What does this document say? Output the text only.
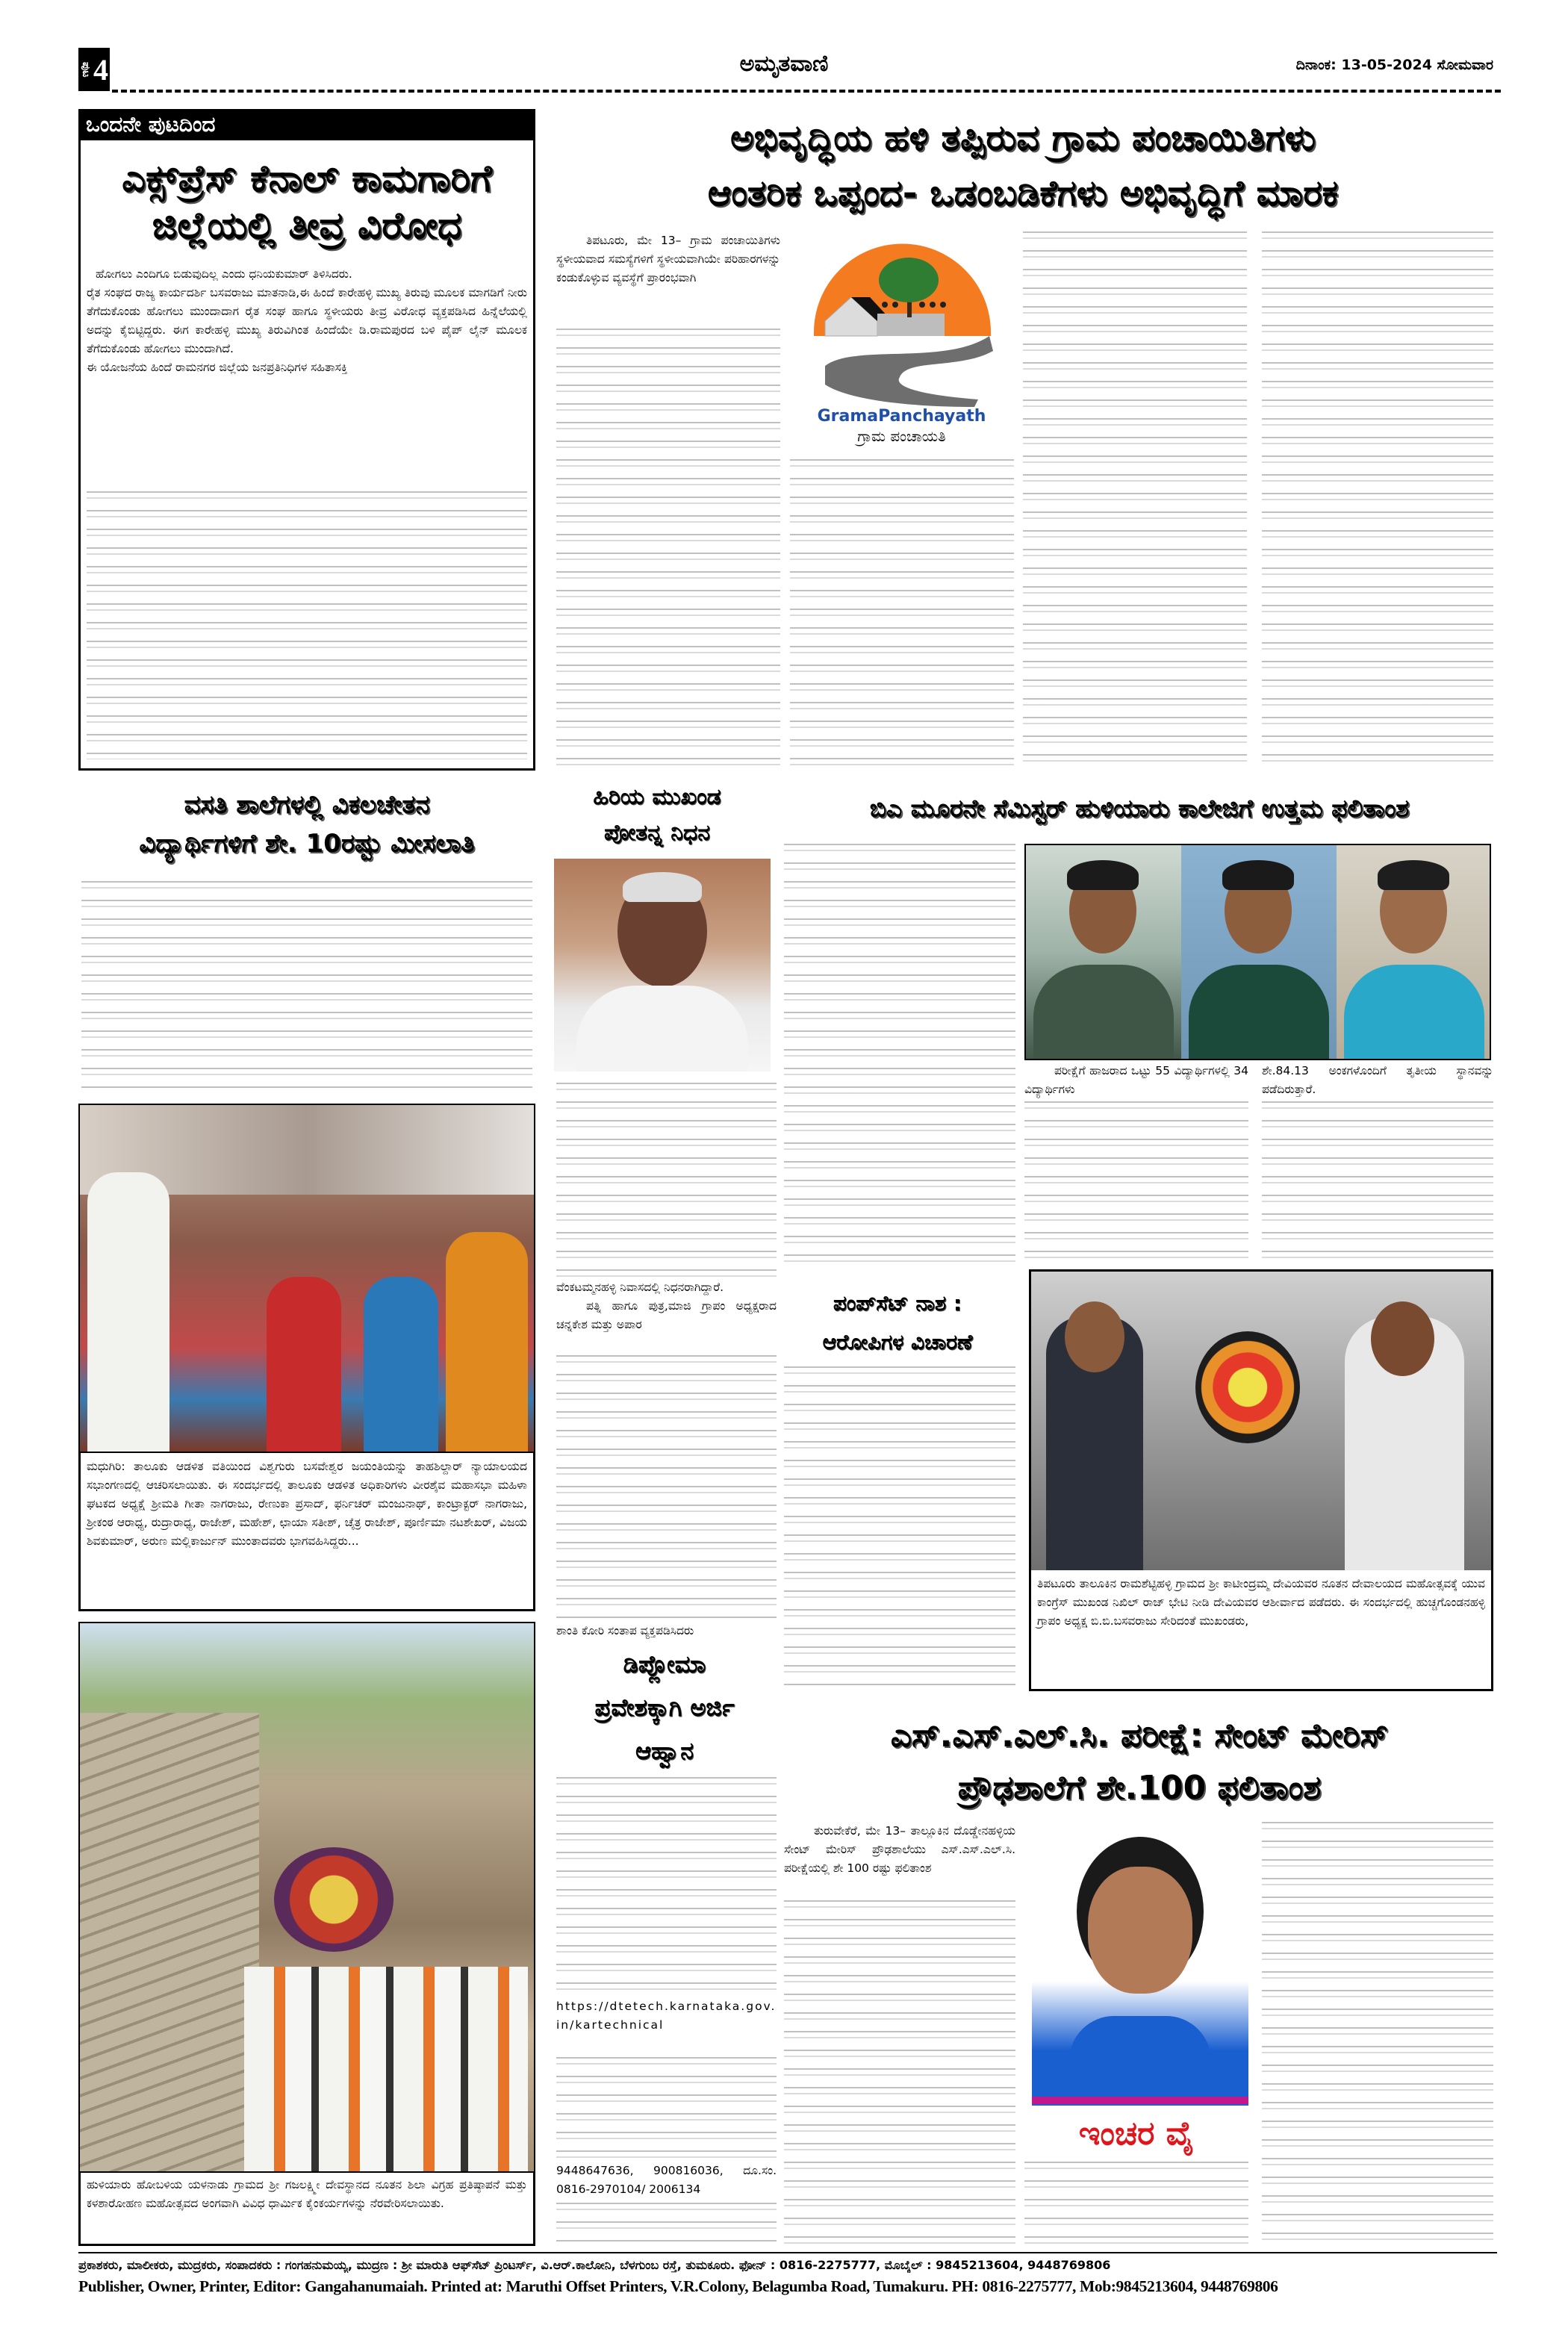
ಪುಟ 4	ಅಮೃತವಾಣಿ	ದಿನಾಂಕ: 13-05-2024 ಸೋಮವಾರ
ಒಂದನೇ ಪುಟದಿಂದ
ಎಕ್ಸ್‌ಪ್ರೆಸ್ ಕೆನಾಲ್ ಕಾಮಗಾರಿಗೆ
ಜಿಲ್ಲೆಯಲ್ಲಿ ತೀವ್ರ ವಿರೋಧ

ಹೋಗಲು ಎಂದಿಗೂ ಬಿಡುವುದಿಲ್ಲ ಎಂದು ಧನಿಯಕುಮಾರ್ ತಿಳಿಸಿದರು.

ರೈತ ಸಂಘದ ರಾಜ್ಯ ಕಾರ್ಯದರ್ಶಿ ಬಸವರಾಜು ಮಾತನಾಡಿ,ಈ ಹಿಂದೆ ಕಾರೇಹಳ್ಳಿ ಮುಖ್ಯ ತಿರುವು ಮೂಲಕ ಮಾಗಡಿಗೆ ನೀರು ತೆಗೆದುಕೊಂಡು ಹೋಗಲು ಮುಂದಾದಾಗ ರೈತ ಸಂಘ ಹಾಗೂ ಸ್ಥಳೀಯರು ತೀವ್ರ ವಿರೋಧ ವ್ಯಕ್ತಪಡಿಸಿದ ಹಿನ್ನೆಲೆಯಲ್ಲಿ ಅದನ್ನು ಕೈಬಿಟ್ಟಿದ್ದರು. ಈಗ ಕಾರೇಹಳ್ಳಿ ಮುಖ್ಯ ತಿರುವಿಗಿಂತ ಹಿಂದೆಯೇ ಡಿ.ರಾಮಪುರದ ಬಳಿ ಪೈಪ್ ಲೈನ್ ಮೂಲಕ ತೆಗೆದುಕೊಂಡು ಹೋಗಲು ಮುಂದಾಗಿದೆ.

ಈ ಯೋಜನೆಯ ಹಿಂದೆ ರಾಮನಗರ ಜಿಲ್ಲೆಯ ಜನಪ್ರತಿನಿಧಿಗಳ ಸಹಿತಾಸಕ್ತಿ

ಅಭಿವೃದ್ಧಿಯ ಹಳಿ ತಪ್ಪಿರುವ ಗ್ರಾಮ ಪಂಚಾಯಿತಿಗಳು
ಆಂತರಿಕ ಒಪ್ಪಂದ- ಒಡಂಬಡಿಕೆಗಳು ಅಭಿವೃದ್ಧಿಗೆ ಮಾರಕ
ತಿಪಟೂರು, ಮೇ 13– ಗ್ರಾಮ ಪಂಚಾಯಿತಿಗಳು ಸ್ಥಳೀಯವಾದ ಸಮಸ್ಯೆಗಳಿಗೆ ಸ್ಥಳೀಯವಾಗಿಯೇ ಪರಿಹಾರಗಳನ್ನು ಕಂಡುಕೊಳ್ಳುವ ವ್ಯವಸ್ಥೆಗೆ ಪ್ರಾರಂಭವಾಗಿ
GramaPanchayath
ಗ್ರಾಮ ಪಂಚಾಯತಿ
ವಸತಿ ಶಾಲೆಗಳಲ್ಲಿ ವಿಕಲಚೇತನ
ವಿದ್ಯಾರ್ಥಿಗಳಿಗೆ ಶೇ. 10ರಷ್ಟು ಮೀಸಲಾತಿ
ಮಧುಗಿರಿ: ತಾಲೂಕು ಆಡಳಿತ ವತಿಯಿಂದ ವಿಶ್ವಗುರು ಬಸವೇಶ್ವರ ಜಯಂತಿಯನ್ನು ತಾಹಶಿಲ್ದಾರ್ ನ್ಯಾಯಾಲಯದ ಸಭಾಂಗಣದಲ್ಲಿ ಆಚರಿಸಲಾಯಿತು. ಈ ಸಂದರ್ಭದಲ್ಲಿ ತಾಲೂಕು ಆಡಳಿತ ಅಧಿಕಾರಿಗಳು ವೀರಶೈವ ಮಹಾಸಭಾ ಮಹಿಳಾ ಘಟಕದ ಅಧ್ಯಕ್ಷೆ ಶ್ರೀಮತಿ ಗೀತಾ ನಾಗರಾಜು, ರೇಣುಕಾ ಪ್ರಸಾದ್, ಫರ್ನಿಚರ್ ಮಂಜುನಾಥ್, ಕಾಂಟ್ರಾಕ್ಟರ್ ನಾಗರಾಜು, ಶ್ರೀಕಂಠ ಆರಾಧ್ಯ, ರುದ್ರಾರಾಧ್ಯ, ರಾಜೇಶ್, ಮಹೇಶ್, ಛಾಯಾ ಸತೀಶ್, ಚೈತ್ರ ರಾಜೇಶ್, ಪೂರ್ಣಿಮಾ ನಟಶೇಖರ್, ವಿಜಯ ಶಿವಕುಮಾರ್, ಅರುಣ ಮಲ್ಲಿಕಾರ್ಜುನ್ ಮುಂತಾದವರು ಭಾಗವಹಿಸಿದ್ದರು...
ಹುಳಿಯಾರು ಹೋಬಳಿಯ ಯಳನಾಡು ಗ್ರಾಮದ ಶ್ರೀ ಗಜಲಕ್ಷ್ಮೀ ದೇವಸ್ಥಾನದ ನೂತನ ಶಿಲಾ ವಿಗ್ರಹ ಪ್ರತಿಷ್ಠಾಪನೆ ಮತ್ತು ಕಳಶಾರೋಹಣ ಮಹೋತ್ಸವದ ಅಂಗವಾಗಿ ವಿವಿಧ ಧಾರ್ಮಿಕ ಕೈಂಕರ್ಯಗಳನ್ನು ನೆರವೇರಿಸಲಾಯಿತು.
ಹಿರಿಯ ಮುಖಂಡ
ಪೋತನ್ನ ನಿಧನ

ವೆಂಕಟಮ್ಮನಹಳ್ಳಿ ನಿವಾಸದಲ್ಲಿ ನಿಧನರಾಗಿದ್ದಾರೆ.

ಪತ್ನಿ ಹಾಗೂ ಪುತ್ರ,ಮಾಜಿ ಗ್ರಾಪಂ ಅಧ್ಯಕ್ಷರಾದ ಚನ್ನಕೇಶ ಮತ್ತು ಅಪಾರ

ಶಾಂತಿ ಕೋರಿ ಸಂತಾಪ ವ್ಯಕ್ತಪಡಿಸಿದರು
ಡಿಪ್ಲೋಮಾ
ಪ್ರವೇಶಕ್ಕಾಗಿ ಅರ್ಜಿ
ಆಹ್ವಾನ
https://dtetech.karnataka.gov.in/kartechnical
9448647636, 900816036, ದೂ.ಸಂ. 0816-2970104/ 2006134
ಬಿಎ ಮೂರನೇ ಸೆಮಿಸ್ಟರ್ ಹುಳಿಯಾರು ಕಾಲೇಜಿಗೆ ಉತ್ತಮ ಫಲಿತಾಂಶ
ಪರೀಕ್ಷೆಗೆ ಹಾಜರಾದ ಒಟ್ಟು 55 ವಿದ್ಯಾರ್ಥಿಗಳಲ್ಲಿ 34 ವಿದ್ಯಾರ್ಥಿಗಳು
ಶೇ.84.13 ಅಂಕಗಳೊಂದಿಗೆ ತೃತೀಯ ಸ್ಥಾನವನ್ನು ಪಡೆದಿರುತ್ತಾರೆ.
ಪಂಪ್‌ಸೆಟ್ ನಾಶ :
ಆರೋಪಿಗಳ ವಿಚಾರಣೆ
ತಿಪಟೂರು ತಾಲೂಕಿನ ರಾಮಶೆಟ್ಟಿಹಳ್ಳಿ ಗ್ರಾಮದ ಶ್ರೀ ಕಾಟೀಂದ್ರಮ್ಮ ದೇವಿಯವರ ನೂತನ ದೇವಾಲಯದ ಮಹೋತ್ಸವಕ್ಕೆ ಯುವ ಕಾಂಗ್ರೆಸ್ ಮುಖಂಡ ನಿಖಿಲ್ ರಾಜ್ ಭೇಟಿ ನೀಡಿ ದೇವಿಯವರ ಆಶೀರ್ವಾದ ಪಡೆದರು. ಈ ಸಂದರ್ಭದಲ್ಲಿ ಹುಚ್ಚಗೊಂಡನಹಳ್ಳಿ ಗ್ರಾಪಂ ಅಧ್ಯಕ್ಷ ಬಿ.ಬಿ.ಬಸವರಾಜು ಸೇರಿದಂತೆ ಮುಖಂಡರು,
ಎಸ್.ಎಸ್.ಎಲ್.ಸಿ. ಪರೀಕ್ಷೆ: ಸೇಂಟ್ ಮೇರಿಸ್
ಪ್ರೌಢಶಾಲೆಗೆ ಶೇ.100 ಫಲಿತಾಂಶ
ತುರುವೇಕೆರೆ, ಮೇ 13– ತಾಲ್ಲೂಕಿನ ದೊಡ್ಡೇನಹಳ್ಳಿಯ ಸೇಂಟ್ ಮೇರಿಸ್ ಪ್ರೌಢಶಾಲೆಯು ಎಸ್.ಎಸ್.ಎಲ್.ಸಿ. ಪರೀಕ್ಷೆಯಲ್ಲಿ ಶೇ 100 ರಷ್ಟು ಫಲಿತಾಂಶ
ಇಂಚರ ವೈ
ಪ್ರಕಾಶಕರು, ಮಾಲೀಕರು, ಮುದ್ರಕರು, ಸಂಪಾದಕರು : ಗಂಗಹನುಮಯ್ಯ, ಮುದ್ರಣ : ಶ್ರೀ ಮಾರುತಿ ಆಫ್‌ಸೆಟ್ ಪ್ರಿಂಟರ್ಸ್, ವಿ.ಆರ್.ಕಾಲೋನಿ, ಬೆಳಗುಂಬ ರಸ್ತೆ, ತುಮಕೂರು. ಫೋನ್ : 0816-2275777, ಮೊಬೈಲ್ : 9845213604, 9448769806
Publisher, Owner, Printer, Editor: Gangahanumaiah. Printed at: Maruthi Offset Printers, V.R.Colony, Belagumba Road, Tumakuru. PH: 0816-2275777, Mob:9845213604, 9448769806
